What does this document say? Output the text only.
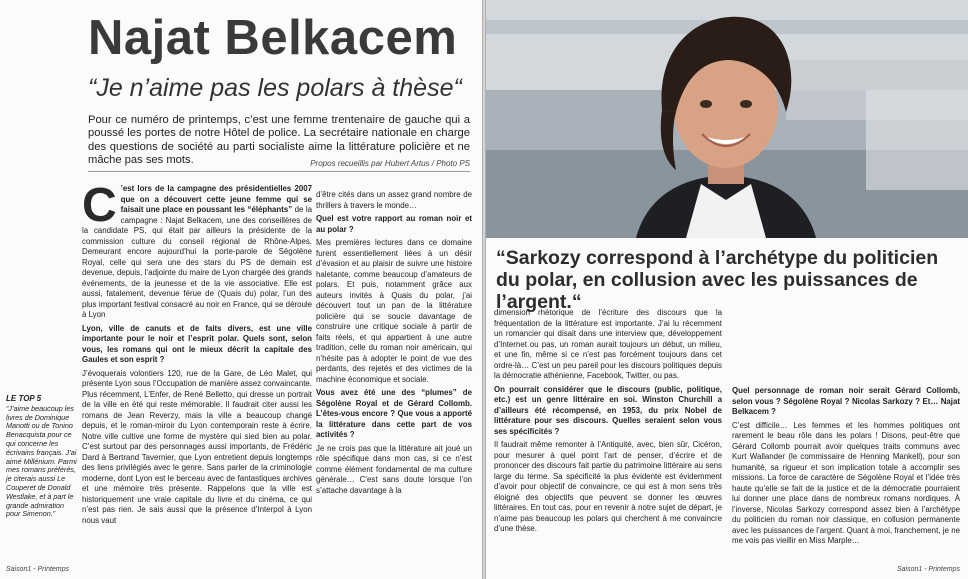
Najat Belkacem
“Je n’aime pas les polars à thèse“
Pour ce numéro de printemps, c’est une femme trentenaire de gauche qui a poussé les portes de notre Hôtel de police. La secrétaire nationale en charge des questions de société au parti socialiste aime la littérature policière et ne mâche pas ses mots.	Propos recueillis par Hubert Artus / Photo PS

C ’est lors de la campagne des présidentielles 2007 que on a découvert cette jeune femme qui se faisait une place en poussant les “éléphants” de la campagne : Najat Belkacem, une des conseillères de la candidate PS, qui était par ailleurs la présidente de la commission culture du conseil régional de Rhône-Alpes. Demeurant encore aujourd’hui la porte-parole de Ségolène Royal, celle qui sera une des stars du PS de demain est devenue, depuis, l’adjointe du maire de Lyon chargée des grands événements, de la jeunesse et de la vie associative. Elle est aussi, fatalement, devenue férue de (Quais du) polar, l’un des plus important festival consacré au noir en France, qui se déroule à Lyon

Lyon, ville de canuts et de faits divers, est une ville importante pour le noir et l’esprit polar. Quels sont, selon vous, les romans qui ont le mieux décrit la capitale des Gaules et son esprit ?

J’évoquerais volontiers 120, rue de la Gare, de Léo Malet, qui présente Lyon sous l’Occupation de manière assez convaincante. Plus récemment, L’Enfer, de René Belletto, qui dresse un portrait de la ville en été qui reste mémorable. Il faudrait citer aussi les romans de Jean Reverzy, mais la ville a beaucoup changé depuis, et le roman-miroir du Lyon contemporain reste à écrire. Notre ville cultive une forme de mystère qui sied bien au polar. C’est surtout par des personnages aussi importants, de Frédéric Dard à Bertrand Tavernier, que Lyon entretient depuis longtemps des liens privilégiés avec le genre. Sans parler de la criminologie moderne, dont Lyon est le berceau avec de fantastiques archives et une mémoire très présente. Rappelons que la ville est historiquement une vraie capitale du livre et du cinéma, ce qui n’est pas rien. Je sais aussi que la présence d’Interpol à Lyon nous vaut

d’être cités dans un assez grand nombre de thrillers à travers le monde…

Quel est votre rapport au roman noir et au polar ?

Mes premières lectures dans ce domaine furent essentiellement liées à un désir d’évasion et au plaisir de suivre une histoire haletante, comme beaucoup d’amateurs de polars. Et puis, notamment grâce aux auteurs invités à Quais du polar, j’ai découvert tout un pan de la littérature policière qui se soucie davantage de construire une critique sociale à partir de faits réels, et qui appartient à une autre tradition, celle du roman noir américain, qui n’hésite pas à adopter le point de vue des perdants, des rejetés et des victimes de la machine économique et sociale.

Vous avez été une des “plumes” de Ségolène Royal et de Gérard Collomb. L’êtes-vous encore ? Que vous a apporté la littérature dans cette part de vos activités ?

Je ne crois pas que la littérature ait joué un rôle spécifique dans mon cas, si ce n’est comme élément fondamental de ma culture générale… C’est sans doute lorsque l’on s’attache davantage à la

LE TOP 5
“J’aime beaucoup les livres de Dominique Manotti ou de Tonino Benacquista pour ce qui concerne les écrivains français. J’ai aimé Millénium. Parmi mes romans préférés, je citerais aussi Le Couperet de Donald Westlake, et à part le grande admiration pour Simenon.”
Saison1 - Printemps
“Sarkozy correspond à l’archétype du politicien du polar, en collusion avec les puissances de l’argent.“

dimension rhétorique de l’écriture des discours que la fréquentation de la littérature est importante. J’ai lu récemment un romancier qui disait dans une interview que, développement d’Internet ou pas, un roman aurait toujours un début, un milieu, et une fin, même si ce n’est pas forcément toujours dans cet ordre-là… C’est un peu pareil pour les discours politiques depuis la démocratie athénienne, Facebook, Twitter, ou pas.

On pourrait considérer que le discours (public, politique, etc.) est un genre littéraire en soi. Winston Churchill a d’ailleurs été récompensé, en 1953, du prix Nobel de littérature pour ses discours. Quelles seraient selon vous ses spécificités ?

Il faudrait même remonter à l’Antiquité, avec, bien sûr, Cicéron, pour mesurer à quel point l’art de penser, d’écrire et de prononcer des discours fait partie du patrimoine littéraire au sens large du terme. Sa spécificité la plus évidente est évidemment d’avoir pour objectif de convaincre, ce qui est à mon sens très éloigné des objectifs que peuvent se donner les œuvres littéraires. En tout cas, pour en revenir à notre sujet de départ, je n’aime pas beaucoup les polars qui cherchent à me convaincre d’une thèse.

Quel personnage de roman noir serait Gérard Collomb, selon vous ? Ségolène Royal ? Nicolas Sarkozy ? Et… Najat Belkacem ?

C’est difficile… Les femmes et les hommes politiques ont rarement le beau rôle dans les polars ! Disons, peut-être que Gérard Collomb pourrait avoir quelques traits communs avec Kurt Wallander (le commissaire de Henning Mankell), pour son humanité, sa rigueur et son implication totale à accomplir ses missions. La force de caractère de Ségolène Royal et l’idée très haute qu’elle se fait de la justice et de la démocratie pourraient lui donner une place dans de nombreux romans nordiques. À l’inverse, Nicolas Sarkozy correspond assez bien à l’archétype du politicien du roman noir classique, en collusion permanente avec les puissances de l’argent. Quant à moi, franchement, je ne me vois pas vieillir en Miss Marple…

Saison1 - Printemps
